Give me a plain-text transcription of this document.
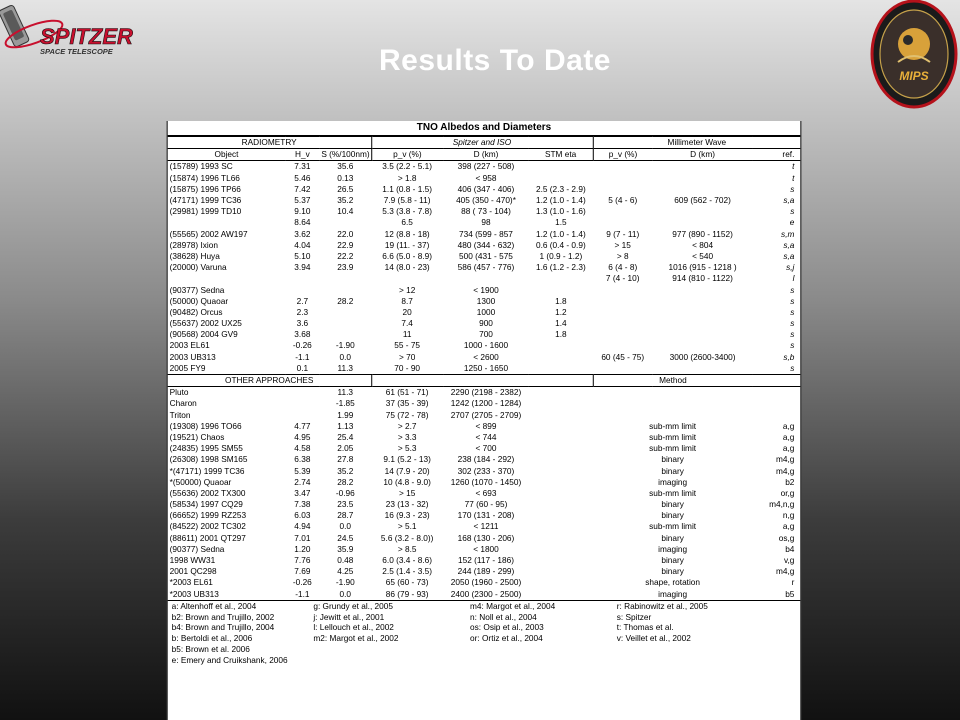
SPITZER
SPACE TELESCOPE
MIPS
Results To Date
TNO Albedos and Diameters
RADIOMETRY			Spitzer and ISO			Millimeter Wave		
Object	H_v	S (%/100nm)	p_v (%)	D (km)	STM eta	p_v (%)	D (km)	ref.
(15789) 1993 SC	7.31	35.6	3.5 (2.2 - 5.1)	398 (227 - 508)				t
(15874) 1996 TL66	5.46	0.13	> 1.8	< 958				t
(15875) 1996 TP66	7.42	26.5	1.1 (0.8 - 1.5)	406 (347 - 406)	2.5 (2.3 - 2.9)			s
(47171) 1999 TC36	5.37	35.2	7.9 (5.8 - 11)	405 (350 - 470)*	1.2 (1.0 - 1.4)	5 (4 - 6)	609 (562 - 702)	s,a
(29981) 1999 TD10	9.10	10.4	5.3 (3.8 - 7.8)	88 ( 73 - 104)	1.3 (1.0 - 1.6)			s
	8.64		6.5	98	1.5			e
(55565) 2002 AW197	3.62	22.0	12 (8.8 - 18)	734 (599 - 857	1.2 (1.0 - 1.4)	9 (7 - 11)	977 (890 - 1152)	s,m
(28978) Ixion	4.04	22.9	19 (11. - 37)	480 (344 - 632)	0.6 (0.4 - 0.9)	> 15	< 804	s,a
(38628) Huya	5.10	22.2	6.6 (5.0 - 8.9)	500 (431 - 575	1 (0.9 - 1.2)	> 8	< 540	s,a
(20000) Varuna	3.94	23.9	14 (8.0 - 23)	586 (457 - 776)	1.6 (1.2 - 2.3)	6 (4 - 8)	1016 (915 - 1218 )	s,j
						7 (4 - 10)	914 (810 - 1122)	l
(90377) Sedna			> 12	< 1900				s
(50000) Quaoar	2.7	28.2	8.7	1300	1.8			s
(90482) Orcus	2.3		20	1000	1.2			s
(55637) 2002 UX25	3.6		7.4	900	1.4			s
(90568) 2004 GV9	3.68		11	700	1.8			s
2003 EL61	-0.26	-1.90	55 - 75	1000 - 1600				s
2003 UB313	-1.1	0.0	> 70	< 2600		60 (45 - 75)	3000 (2600-3400)	s,b
2005 FY9	0.1	11.3	70 - 90	1250 - 1650				s
OTHER APPROACHES						Method		
Pluto		11.3	61 (51 - 71)	2290 (2198 - 2382)				
Charon		-1.85	37 (35 - 39)	1242 (1200 - 1284)				
Triton		1.99	75 (72 - 78)	2707 (2705 - 2709)				
(19308) 1996 TO66	4.77	1.13	> 2.7	< 899		sub-mm limit		a,g
(19521) Chaos	4.95	25.4	> 3.3	< 744		sub-mm limit		a,g
(24835) 1995 SM55	4.58	2.05	> 5.3	< 700		sub-mm limit		a,g
(26308) 1998 SM165	6.38	27.8	9.1 (5.2 - 13)	238 (184 - 292)		binary		m4,g
*(47171) 1999 TC36	5.39	35.2	14 (7.9 - 20)	302 (233 - 370)		binary		m4,g
*(50000) Quaoar	2.74	28.2	10 (4.8 - 9.0)	1260 (1070 - 1450)		imaging		b2
(55636) 2002 TX300	3.47	-0.96	> 15	< 693		sub-mm limit		or,g
(58534) 1997 CQ29	7.38	23.5	23 (13 - 32)	77 (60 - 95)		binary		m4,n,g
(66652) 1999 RZ253	6.03	28.7	16 (9.3 - 23)	170 (131 - 208)		binary		n,g
(84522) 2002 TC302	4.94	0.0	> 5.1	< 1211		sub-mm limit		a,g
(88611) 2001 QT297	7.01	24.5	5.6 (3.2 - 8.0))	168 (130 - 206)		binary		os,g
(90377) Sedna	1.20	35.9	> 8.5	< 1800		imaging		b4
1998 WW31	7.76	0.48	6.0 (3.4 - 8.6)	152 (117 - 186)		binary		v,g
2001 QC298	7.69	4.25	2.5 (1.4 - 3.5)	244 (189 - 299)		binary		m4,g
*2003 EL61	-0.26	-1.90	65 (60 - 73)	2050 (1960 - 2500)		shape, rotation		r
*2003 UB313	-1.1	0.0	86 (79 - 93)	2400 (2300 - 2500)		imaging		b5
a: Altenhoff et al., 2004	g: Grundy et al., 2005	m4: Margot et al., 2004	r: Rabinowitz et al., 2005
b2: Brown and Trujillo, 2002	j: Jewitt et al., 2001	n: Noll et al., 2004	s: Spitzer
b4: Brown and Trujillo, 2004	l: Lellouch et al., 2002	os: Osip et al., 2003	t: Thomas et al.
b: Bertoldi et al., 2006	m2: Margot et al., 2002	or: Ortiz et al., 2004	v: Veillet et al., 2002
b5: Brown et al. 2006
e: Emery and Cruikshank, 2006
